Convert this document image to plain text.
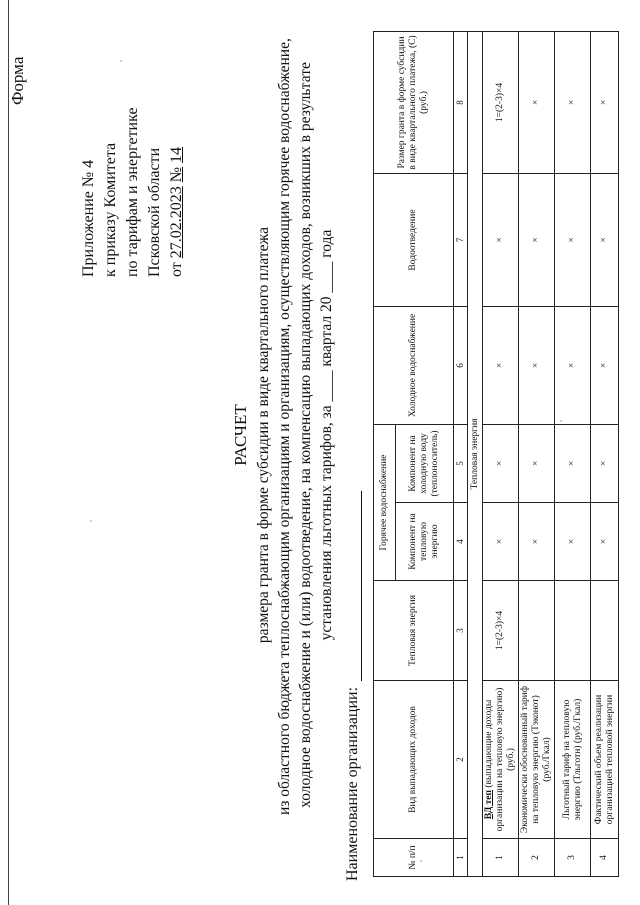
Форма
Приложение № 4 к приказу Комитета по тарифам и энергетике Псковской области от 27.02.2023 № 14
РАСЧЕТ размера гранта в форме субсидии в виде квартального платежа из областного бюджета теплоснабжающим организациям и организациям, осуществляющим горячее водоснабжение, холодное водоснабжение и (или) водоотведение, на компенсацию выпадающих доходов, возникших в результате установления льготных тарифов, за ____ квартал 20 ____ года
Наименование организации:	№ п/п	Вид выпадающих доходов	Тепловая энергия	Горячее водоснабжение		Холодное водоснабжение	Водоотведение	Размер гранта в форме субсидии в виде квартального платежа, (С) (руб.)
			Компонент на тепловую энергию	Компонент на холодную воду (теплоноситель)			
1	2	3	4	5	6	7	8
Тепловая энергия							
1	ВД теп (выпадающие доходы организации на тепловую энергию) (руб.)	1=(2-3)×4	×	×	×	×	1=(2-3)×4
2	Экономически обоснованный тариф на тепловую энергию (Тэконот) (руб./Гкал)		×	×	×	×	×
3	Льготный тариф на тепловую энергию (Тльготн) (руб./Гкал)		×	×	×	×	×
4	Фактический объем реализации организацией тепловой энергии		×	×	×	×	×
